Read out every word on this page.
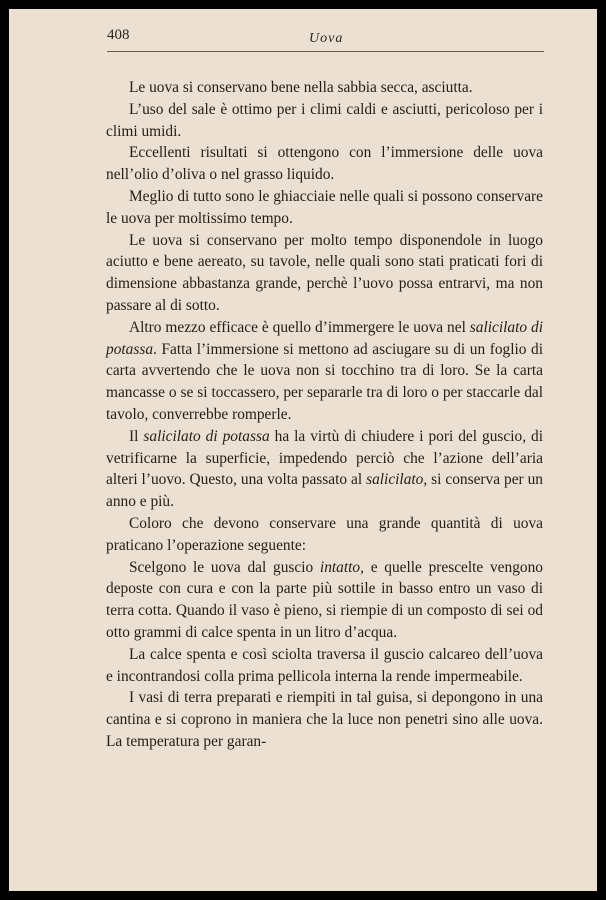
408	Uova

Le uova si conservano bene nella sabbia secca, asciutta.

L’uso del sale è ottimo per i climi caldi e asciutti, pericoloso per i climi umidi.

Eccellenti risultati si ottengono con l’immersione delle uova nell’olio d’oliva o nel grasso liquido.

Meglio di tutto sono le ghiacciaie nelle quali si possono conservare le uova per moltissimo tempo.

Le uova si conservano per molto tempo disponendole in luogo aciutto e bene aereato, su tavole, nelle quali sono stati praticati fori di dimensione abbastanza grande, perchè l’uovo possa entrarvi, ma non passare al di sotto.

Altro mezzo efficace è quello d’immergere le uova nel salicilato di potassa. Fatta l’immersione si mettono ad asciugare su di un foglio di carta avvertendo che le uova non si tocchino tra di loro. Se la carta mancasse o se si toccassero, per separarle tra di loro o per staccarle dal tavolo, converrebbe romperle.

Il salicilato di potassa ha la virtù di chiudere i pori del guscio, di vetrificarne la superficie, impedendo perciò che l’azione dell’aria alteri l’uovo. Questo, una volta passato al salicilato, si conserva per un anno e più.

Coloro che devono conservare una grande quantità di uova praticano l’operazione seguente:

Scelgono le uova dal guscio intatto, e quelle prescelte vengono deposte con cura e con la parte più sottile in basso entro un vaso di terra cotta. Quando il vaso è pieno, si riempie di un composto di sei od otto grammi di calce spenta in un litro d’acqua.

La calce spenta e così sciolta traversa il guscio calcareo dell’uova e incontrandosi colla prima pellicola interna la rende impermeabile.

I vasi di terra preparati e riempiti in tal guisa, si depongono in una cantina e si coprono in maniera che la luce non penetri sino alle uova. La temperatura per garan-
